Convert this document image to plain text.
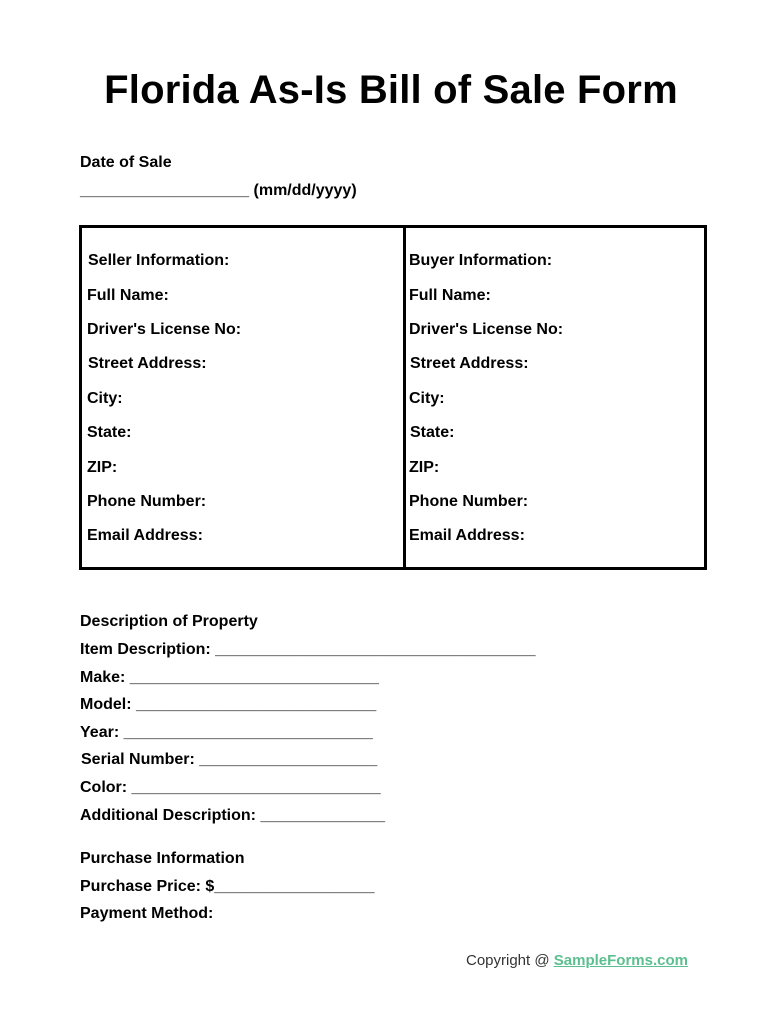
Florida As-Is Bill of Sale Form
Date of Sale
___________________ (mm/dd/yyyy)
Seller Information:
Full Name:
Driver's License No:
Street Address:
City:
State:
ZIP:
Phone Number:
Email Address:
Buyer Information:
Full Name:
Driver's License No:
Street Address:
City:
State:
ZIP:
Phone Number:
Email Address:
Description of Property
Item Description: ____________________________________
Make: ____________________________
Model: ___________________________
Year: ____________________________
Serial Number: ____________________
Color: ____________________________
Additional Description: ______________
Purchase Information
Purchase Price: $__________________
Payment Method:
Copyright @ SampleForms.com
